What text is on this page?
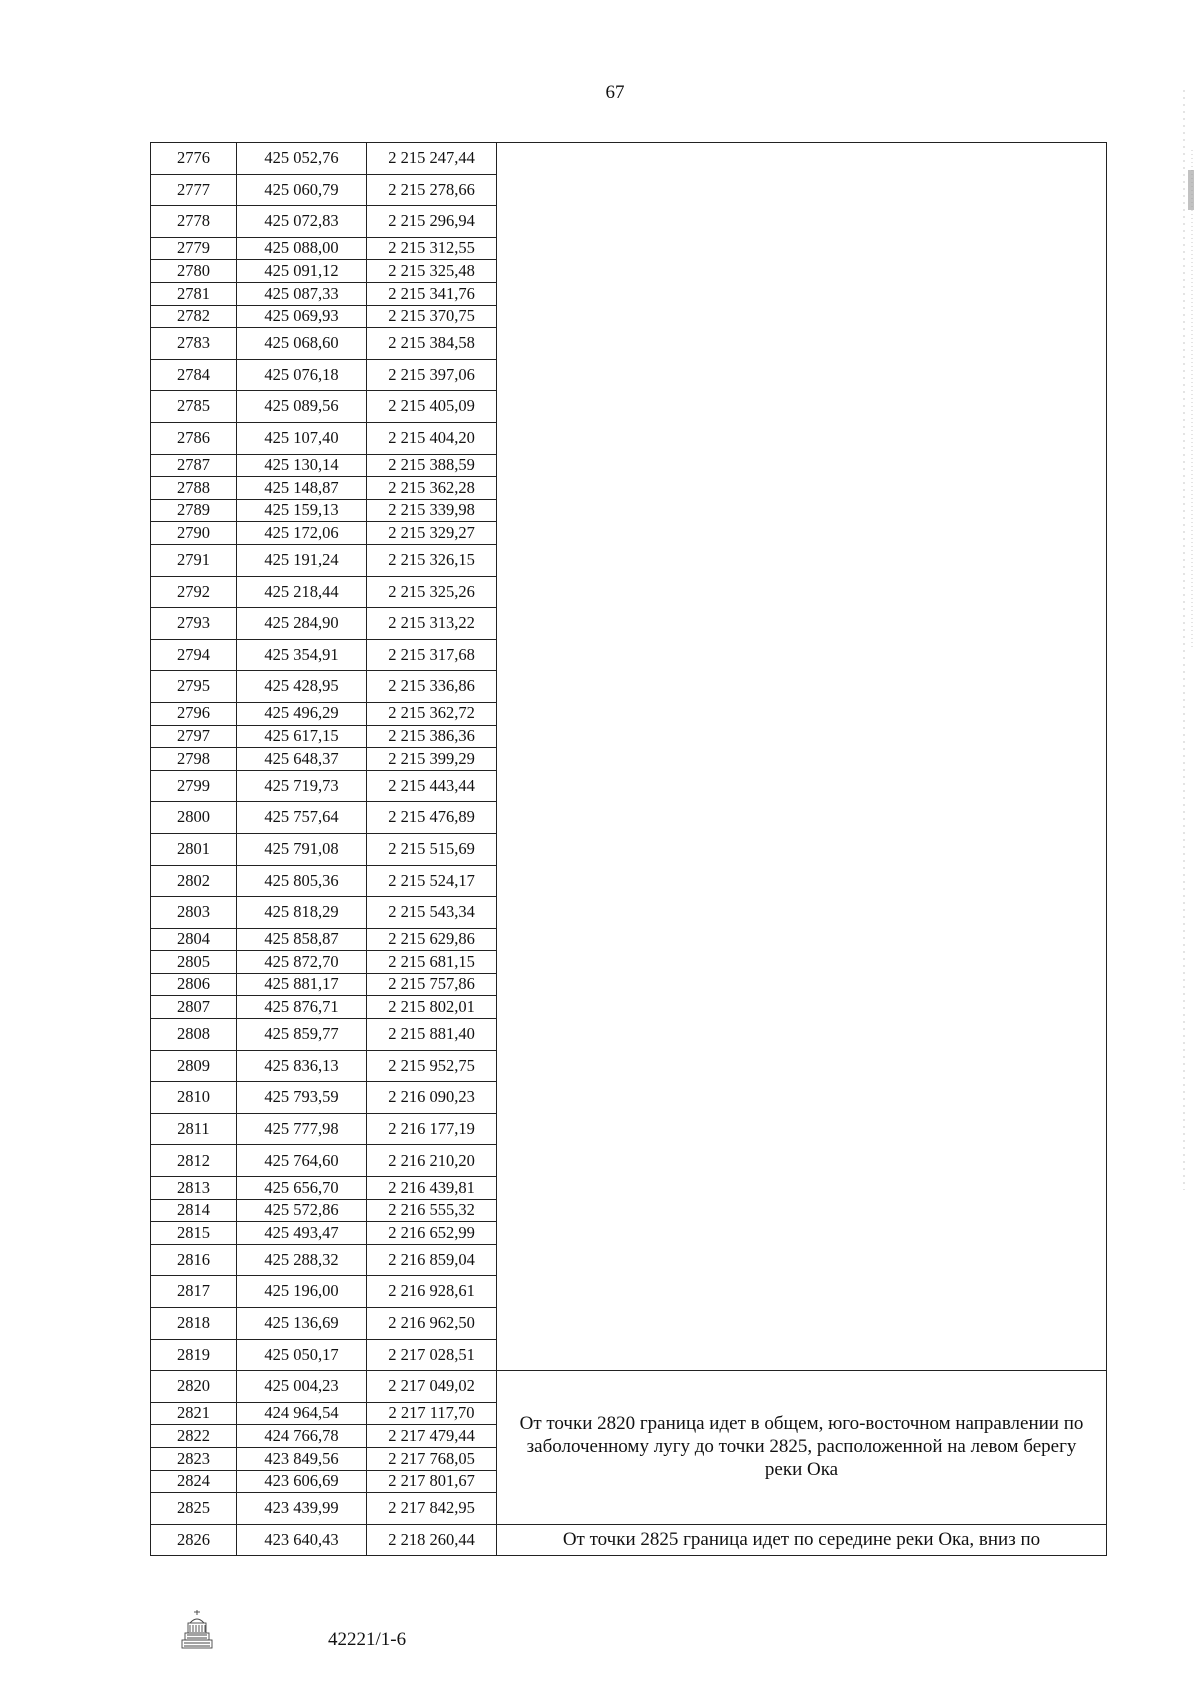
67
2776	425 052,76	2 215 247,44	
2777	425 060,79	2 215 278,66	
2778	425 072,83	2 215 296,94	
2779	425 088,00	2 215 312,55	
2780	425 091,12	2 215 325,48	
2781	425 087,33	2 215 341,76	
2782	425 069,93	2 215 370,75	
2783	425 068,60	2 215 384,58	
2784	425 076,18	2 215 397,06	
2785	425 089,56	2 215 405,09	
2786	425 107,40	2 215 404,20	
2787	425 130,14	2 215 388,59	
2788	425 148,87	2 215 362,28	
2789	425 159,13	2 215 339,98	
2790	425 172,06	2 215 329,27	
2791	425 191,24	2 215 326,15	
2792	425 218,44	2 215 325,26	
2793	425 284,90	2 215 313,22	
2794	425 354,91	2 215 317,68	
2795	425 428,95	2 215 336,86	
2796	425 496,29	2 215 362,72	
2797	425 617,15	2 215 386,36	
2798	425 648,37	2 215 399,29	
2799	425 719,73	2 215 443,44	
2800	425 757,64	2 215 476,89	
2801	425 791,08	2 215 515,69	
2802	425 805,36	2 215 524,17	
2803	425 818,29	2 215 543,34	
2804	425 858,87	2 215 629,86	
2805	425 872,70	2 215 681,15	
2806	425 881,17	2 215 757,86	
2807	425 876,71	2 215 802,01	
2808	425 859,77	2 215 881,40	
2809	425 836,13	2 215 952,75	
2810	425 793,59	2 216 090,23	
2811	425 777,98	2 216 177,19	
2812	425 764,60	2 216 210,20	
2813	425 656,70	2 216 439,81	
2814	425 572,86	2 216 555,32	
2815	425 493,47	2 216 652,99	
2816	425 288,32	2 216 859,04	
2817	425 196,00	2 216 928,61	
2818	425 136,69	2 216 962,50	
2819	425 050,17	2 217 028,51	
2820	425 004,23	2 217 049,02	От точки 2820 граница идет в общем, юго-восточном направлении по заболоченному лугу до точки 2825, расположенной на левом берегу реки Ока
2821	424 964,54	2 217 117,70	
2822	424 766,78	2 217 479,44	
2823	423 849,56	2 217 768,05	
2824	423 606,69	2 217 801,67	
2825	423 439,99	2 217 842,95	
2826	423 640,43	2 218 260,44	От точки 2825 граница идет по середине реки Ока, вниз по
42221/1-6
